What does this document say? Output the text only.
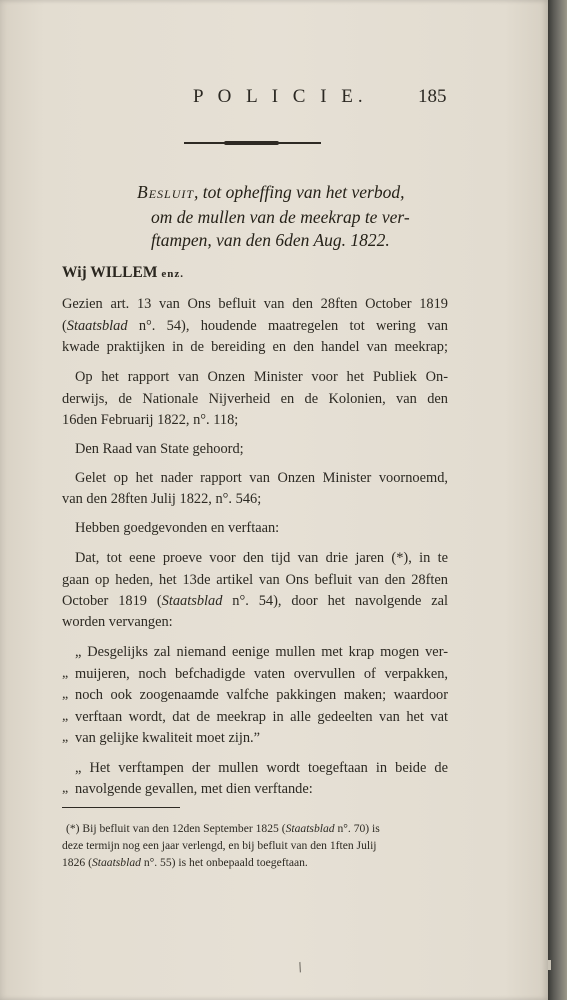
P O L I C I E.	185
Besluit, tot opheffing van het verbod,
om de mullen van de meekrap te ver-
ftampen, van den 6den Aug. 1822.
Wij WILLEM enz.
Gezien art. 13 van Ons befluit van den 28ften October 1819
(Staatsblad n°. 54), houdende maatregelen tot wering van
kwade praktijken in de bereiding en den handel van meekrap;
Op het rapport van Onzen Minister voor het Publiek On-
derwijs, de Nationale Nijverheid en de Kolonien, van den
16den Februarij 1822, n°. 118;
Den Raad van State gehoord;
Gelet op het nader rapport van Onzen Minister voornoemd,
van den 28ften Julij 1822, n°. 546;
Hebben goedgevonden en verftaan:
Dat, tot eene proeve voor den tijd van drie jaren (*), in te
gaan op heden, het 13de artikel van Ons befluit van den 28ften
October 1819 (Staatsblad n°. 54), door het navolgende zal
worden vervangen:
„ Desgelijks zal niemand eenige mullen met krap mogen ver-
„ muijeren, noch befchadigde vaten overvullen of verpakken,
„ noch ook zoogenaamde valfche pakkingen maken; waardoor
„ verftaan wordt, dat de meekrap in alle gedeelten van het vat
„ van gelijke kwaliteit moet zijn.”
„ Het verftampen der mullen wordt toegeftaan in beide de
„ navolgende gevallen, met dien verftande:
(*) Bij befluit van den 12den September 1825 (Staatsblad n°. 70) is
deze termijn nog een jaar verlengd, en bij befluit van den 1ften Julij
1826 (Staatsblad n°. 55) is het onbepaald toegeftaan.
/
